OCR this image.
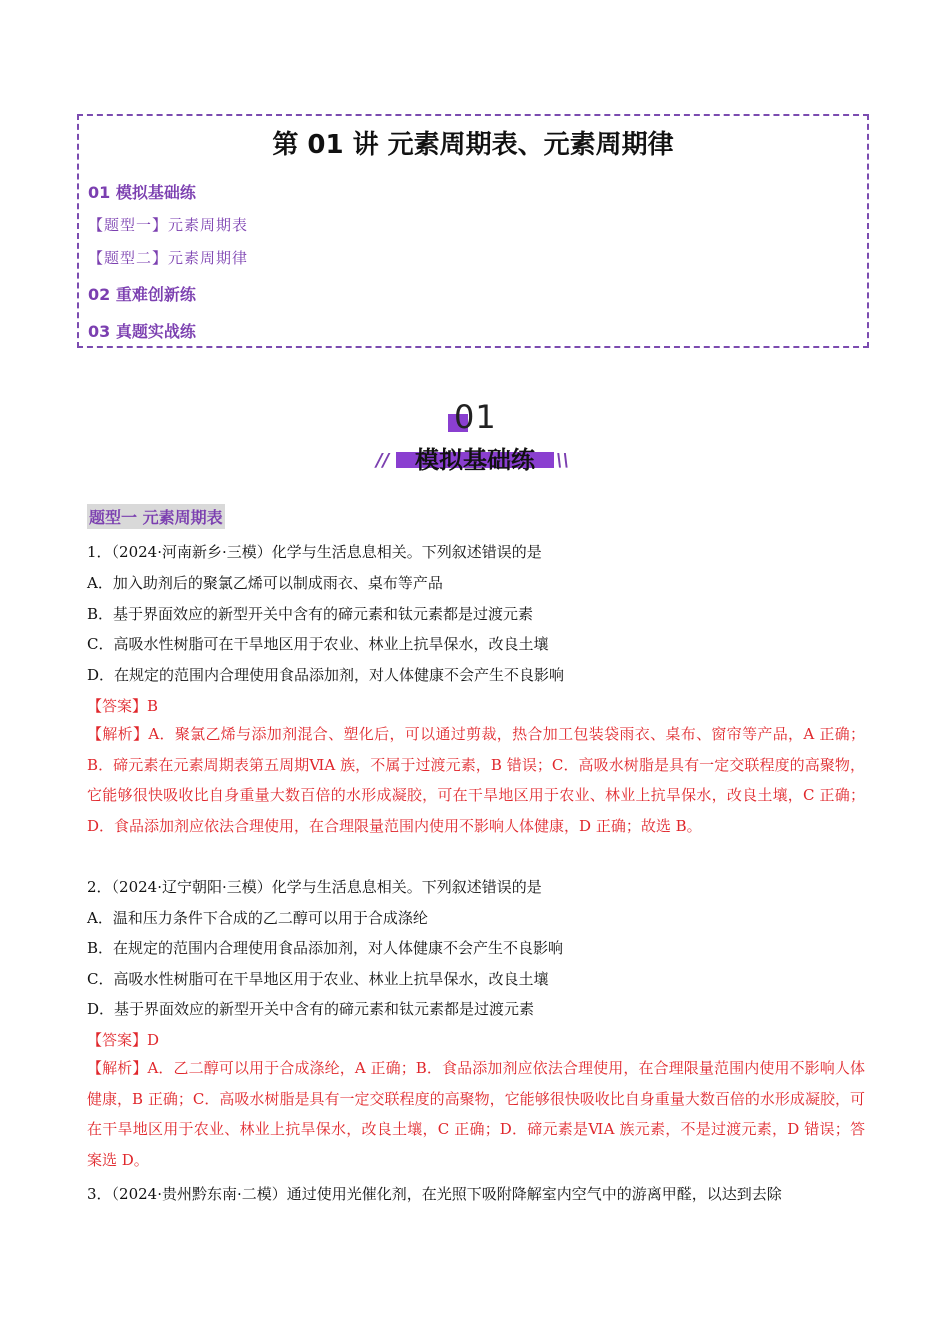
第 01 讲 元素周期表、元素周期律
01 模拟基础练
【题型一】元素周期表
【题型二】元素周期律
02 重难创新练
03 真题实战练
01
//	模拟基础练	\\
题型一 元素周期表
1．（2024·河南新乡·三模）化学与生活息息相关。下列叙述错误的是
A．加入助剂后的聚氯乙烯可以制成雨衣、桌布等产品
B．基于界面效应的新型开关中含有的碲元素和钛元素都是过渡元素
C．高吸水性树脂可在干旱地区用于农业、林业上抗旱保水，改良土壤
D．在规定的范围内合理使用食品添加剂，对人体健康不会产生不良影响
【答案】B
【解析】A．聚氯乙烯与添加剂混合、塑化后，可以通过剪裁，热合加工包装袋雨衣、桌布、窗帘等产品，A 正确；B．碲元素在元素周期表第五周期ⅥA 族，不属于过渡元素，B 错误；C．高吸水树脂是具有一定交联程度的高聚物，它能够很快吸收比自身重量大数百倍的水形成凝胶，可在干旱地区用于农业、林业上抗旱保水，改良土壤，C 正确；D．食品添加剂应依法合理使用，在合理限量范围内使用不影响人体健康，D 正确；故选 B。
2．（2024·辽宁朝阳·三模）化学与生活息息相关。下列叙述错误的是
A．温和压力条件下合成的乙二醇可以用于合成涤纶
B．在规定的范围内合理使用食品添加剂，对人体健康不会产生不良影响
C．高吸水性树脂可在干旱地区用于农业、林业上抗旱保水，改良土壤
D．基于界面效应的新型开关中含有的碲元素和钛元素都是过渡元素
【答案】D
【解析】A．乙二醇可以用于合成涤纶，A 正确；B．食品添加剂应依法合理使用，在合理限量范围内使用不影响人体健康，B 正确；C．高吸水树脂是具有一定交联程度的高聚物，它能够很快吸收比自身重量大数百倍的水形成凝胶，可在干旱地区用于农业、林业上抗旱保水，改良土壤，C 正确；D．碲元素是ⅥA 族元素，不是过渡元素，D 错误；答案选 D。
3．（2024·贵州黔东南·二模）通过使用光催化剂，在光照下吸附降解室内空气中的游离甲醛，以达到去除
